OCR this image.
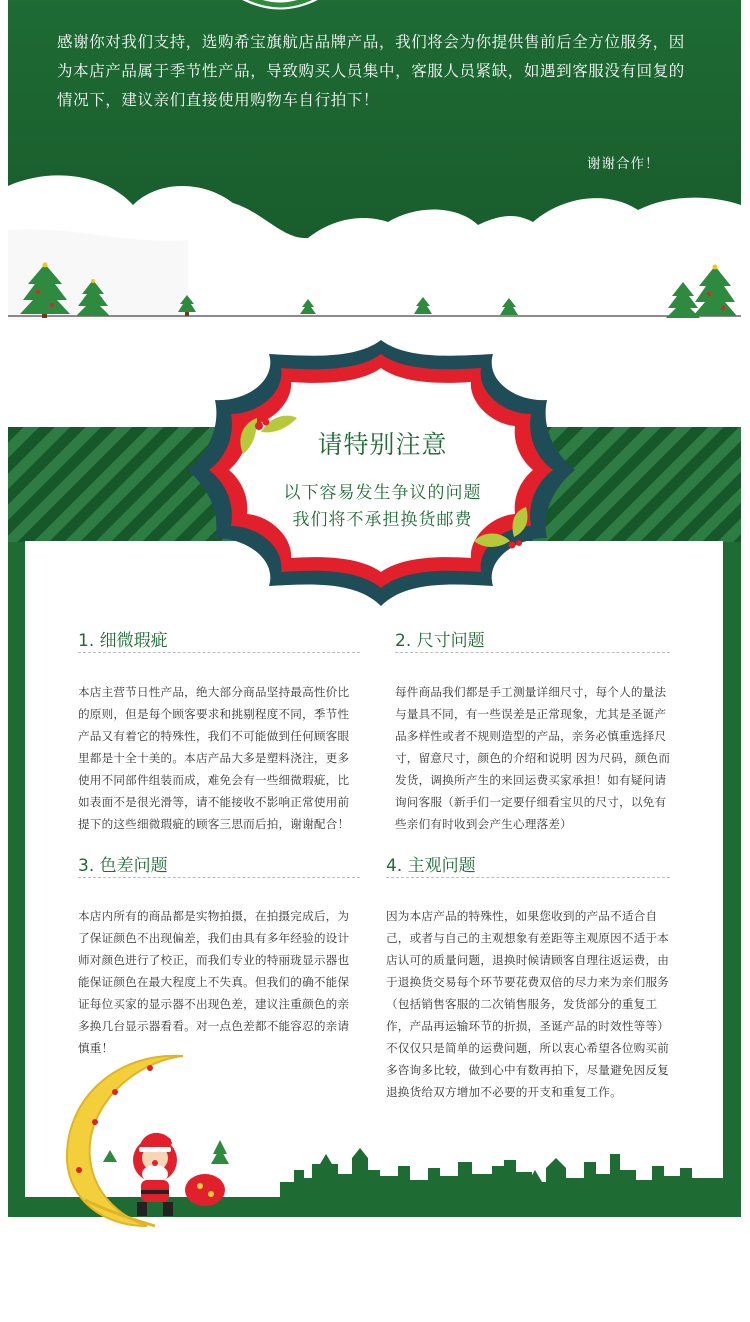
感谢你对我们支持，选购希宝旗航店品牌产品，我们将会为你提供售前后全方位服务，因为本店产品属于季节性产品，导致购买人员集中，客服人员紧缺，如遇到客服没有回复的情况下，建议亲们直接使用购物车自行拍下！

谢谢合作！
请特别注意
以下容易发生争议的问题
我们将不承担换货邮费
1. 细微瑕疵

本店主营节日性产品，绝大部分商品坚持最高性价比的原则，但是每个顾客要求和挑剔程度不同，季节性产品又有着它的特殊性，我们不可能做到任何顾客眼里都是十全十美的。本店产品大多是塑料浇注，更多使用不同部件组装而成，难免会有一些细微瑕疵，比如表面不是很光滑等，请不能接收不影响正常使用前提下的这些细微瑕疵的顾客三思而后拍，谢谢配合！

2. 尺寸问题

每件商品我们都是手工测量详细尺寸，每个人的量法与量具不同，有一些误差是正常现象，尤其是圣诞产品多样性或者不规则造型的产品，亲务必慎重选择尺寸，留意尺寸，颜色的介绍和说明 因为尺码，颜色而发货，调换所产生的来回运费买家承担！如有疑问请询问客服（新手们一定要仔细看宝贝的尺寸，以免有些亲们有时收到会产生心理落差）

3. 色差问题

本店内所有的商品都是实物拍摄，在拍摄完成后，为了保证颜色不出现偏差，我们由具有多年经验的设计师对颜色进行了校正，而我们专业的特丽珑显示器也能保证颜色在最大程度上不失真。但我们的确不能保证每位买家的显示器不出现色差，建议注重颜色的亲多换几台显示器看看。对一点色差都不能容忍的亲请慎重！

4. 主观问题

因为本店产品的特殊性，如果您收到的产品不适合自己，或者与自己的主观想象有差距等主观原因不适于本店认可的质量问题，退换时候请顾客自理往返运费，由于退换货交易每个环节要花费双倍的尽力来为亲们服务（包括销售客服的二次销售服务，发货部分的重复工作，产品再运输环节的折损，圣诞产品的时效性等等）不仅仅只是简单的运费问题，所以衷心希望各位购买前多咨询多比较，做到心中有数再拍下，尽量避免因反复退换货给双方增加不必要的开支和重复工作。
